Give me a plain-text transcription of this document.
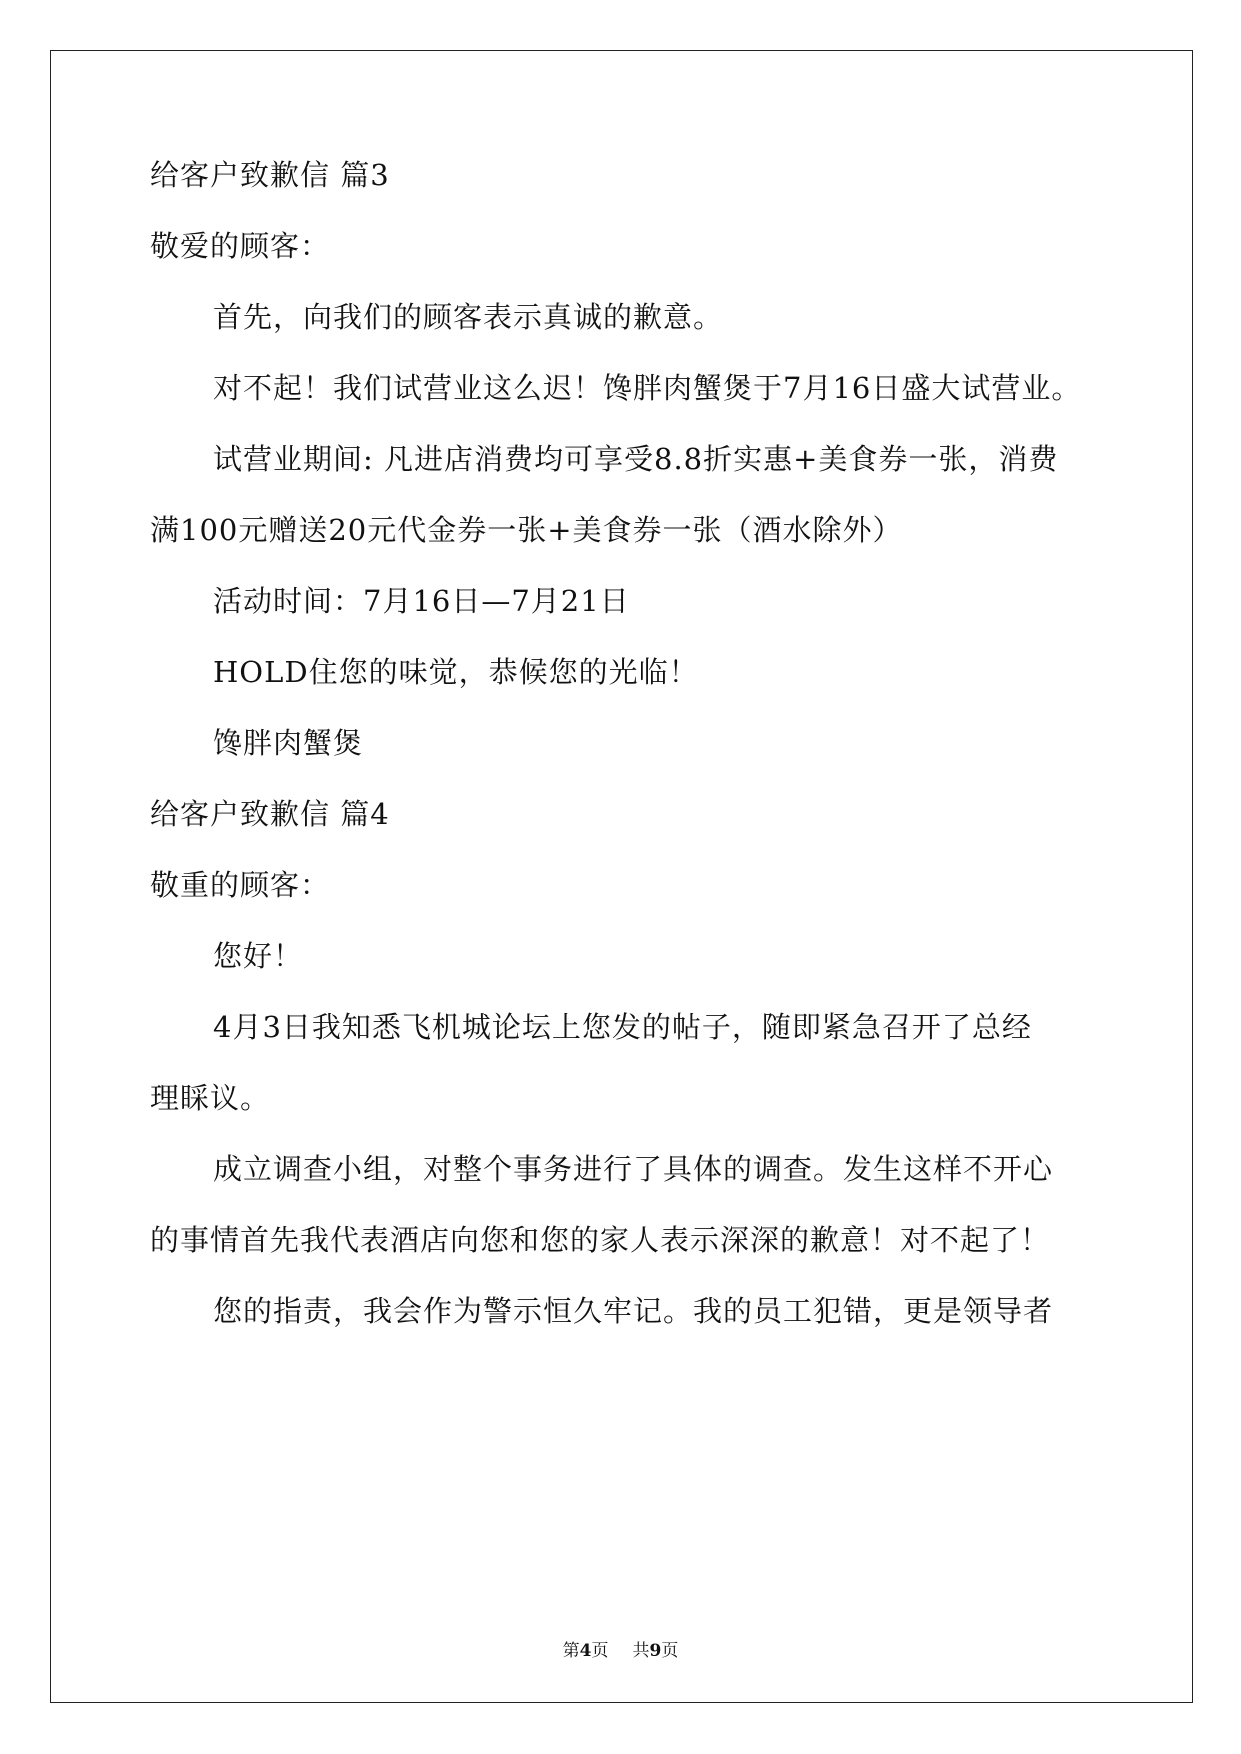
给客户致歉信 篇3
敬爱的顾客：
首先，向我们的顾客表示真诚的歉意。
对不起！我们试营业这么迟！馋胖肉蟹煲于7月16日盛大试营业。
试营业期间: 凡进店消费均可享受8.8折实惠+美食券一张，消费
满100元赠送20元代金券一张+美食券一张（酒水除外）
活动时间：7月16日—7月21日
HOLD住您的味觉，恭候您的光临！
馋胖肉蟹煲
给客户致歉信 篇4
敬重的顾客：
您好！
4月3日我知悉飞机城论坛上您发的帖子，随即紧急召开了总经
理睬议。
成立调查小组，对整个事务进行了具体的调查。发生这样不开心
的事情首先我代表酒店向您和您的家人表示深深的歉意！对不起了！
您的指责，我会作为警示恒久牢记。我的员工犯错，更是领导者
第4页 共9页
